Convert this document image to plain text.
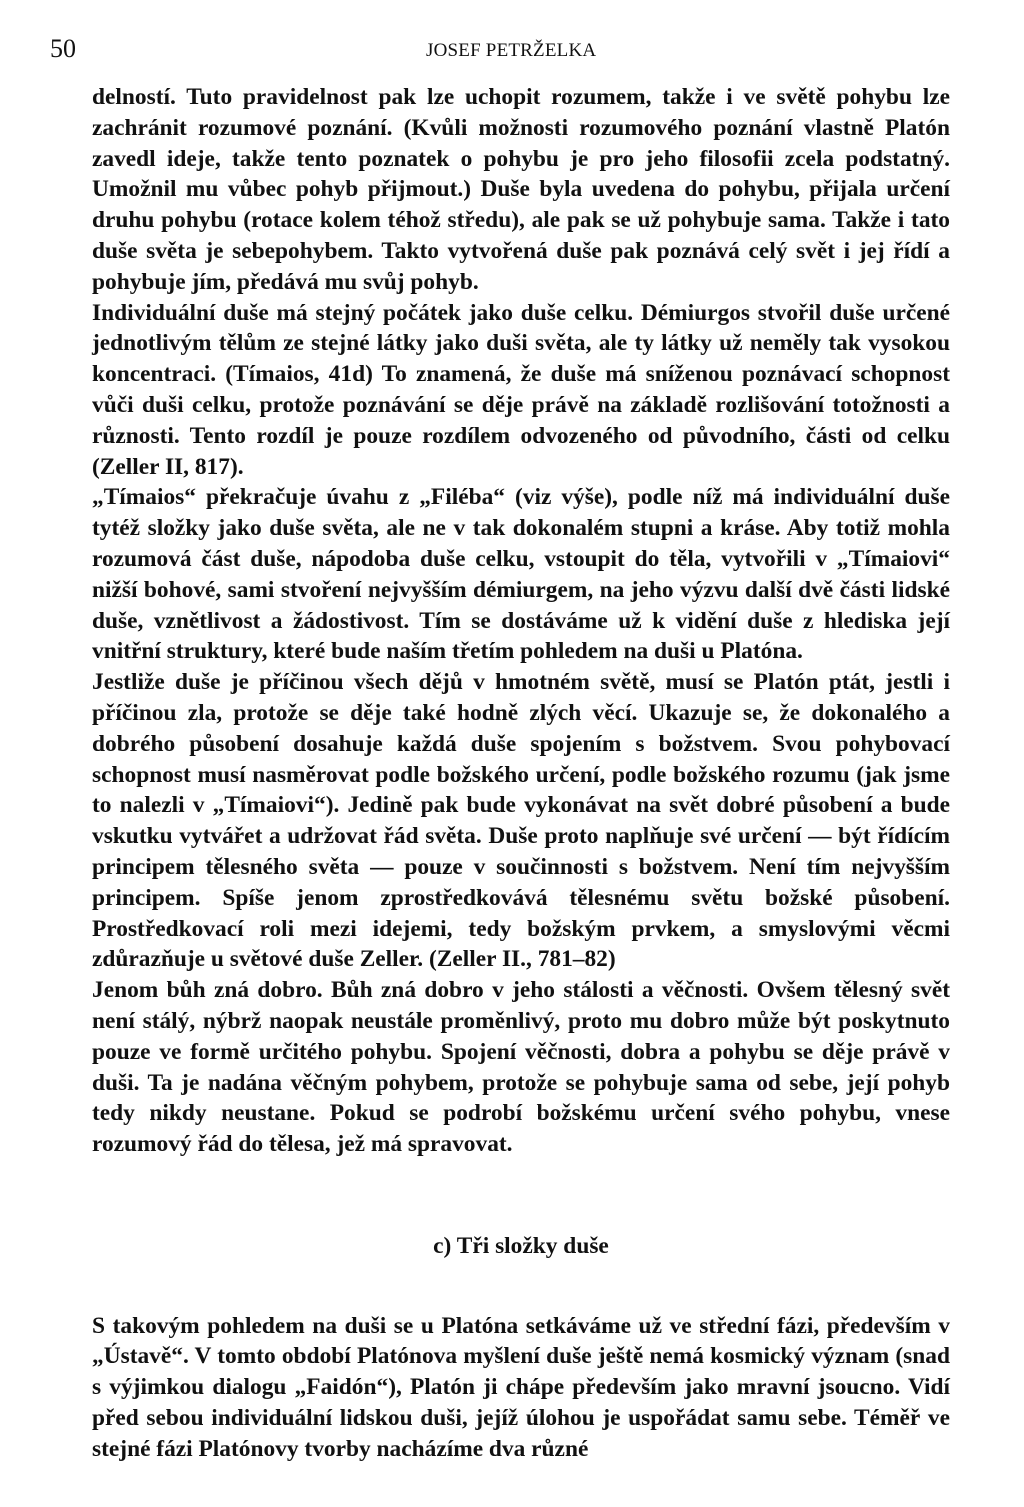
50	JOSEF PETRŽELKA

delností. Tuto pravidelnost pak lze uchopit rozumem, takže i ve světě pohybu lze zachránit rozumové poznání. (Kvůli možnosti rozumového poznání vlastně Platón zavedl ideje, takže tento poznatek o pohybu je pro jeho filosofii zcela podstatný. Umožnil mu vůbec pohyb přijmout.) Duše byla uvedena do pohybu, přijala určení druhu pohybu (rotace kolem téhož středu), ale pak se už pohybuje sama. Takže i tato duše světa je sebepohybem. Takto vytvořená duše pak poznává celý svět i jej řídí a pohybuje jím, předává mu svůj pohyb.

Individuální duše má stejný počátek jako duše celku. Démiurgos stvořil duše určené jednotlivým tělům ze stejné látky jako duši světa, ale ty látky už neměly tak vysokou koncentraci. (Tímaios, 41d) To znamená, že duše má sníženou poznávací schopnost vůči duši celku, protože poznávání se děje právě na základě rozlišování totožnosti a různosti. Tento rozdíl je pouze rozdílem odvozeného od původního, části od celku (Zeller II, 817).

„Tímaios“ překračuje úvahu z „Filéba“ (viz výše), podle níž má individuální duše tytéž složky jako duše světa, ale ne v tak dokonalém stupni a kráse. Aby totiž mohla rozumová část duše, nápodoba duše celku, vstoupit do těla, vytvořili v „Tímaiovi“ nižší bohové, sami stvoření nejvyšším démiurgem, na jeho výzvu další dvě části lidské duše, vznětlivost a žádostivost. Tím se dostáváme už k vidění duše z hlediska její vnitřní struktury, které bude naším třetím pohledem na duši u Platóna.

Jestliže duše je příčinou všech dějů v hmotném světě, musí se Platón ptát, jestli i příčinou zla, protože se děje také hodně zlých věcí. Ukazuje se, že dokonalého a dobrého působení dosahuje každá duše spojením s božstvem. Svou pohybovací schopnost musí nasměrovat podle božského určení, podle božského rozumu (jak jsme to nalezli v „Tímaiovi“). Jedině pak bude vykonávat na svět dobré působení a bude vskutku vytvářet a udržovat řád světa. Duše proto naplňuje své určení — být řídícím principem tělesného světa — pouze v součinnosti s božstvem. Není tím nejvyšším principem. Spíše jenom zprostředkovává tělesnému světu božské působení. Prostředkovací roli mezi idejemi, tedy božským prvkem, a smyslovými věcmi zdůrazňuje u světové duše Zeller. (Zeller II., 781–82)

Jenom bůh zná dobro. Bůh zná dobro v jeho stálosti a věčnosti. Ovšem tělesný svět není stálý, nýbrž naopak neustále proměnlivý, proto mu dobro může být poskytnuto pouze ve formě určitého pohybu. Spojení věčnosti, dobra a pohybu se děje právě v duši. Ta je nadána věčným pohybem, protože se pohybuje sama od sebe, její pohyb tedy nikdy neustane. Pokud se podrobí božskému určení svého pohybu, vnese rozumový řád do tělesa, jež má spravovat.

c) Tři složky duše

S takovým pohledem na duši se u Platóna setkáváme už ve střední fázi, především v „Ústavě“. V tomto období Platónova myšlení duše ještě nemá kosmický význam (snad s výjimkou dialogu „Faidón“), Platón ji chápe především jako mravní jsoucno. Vidí před sebou individuální lidskou duši, jejíž úlohou je uspořádat samu sebe. Téměř ve stejné fázi Platónovy tvorby nacházíme dva různé
